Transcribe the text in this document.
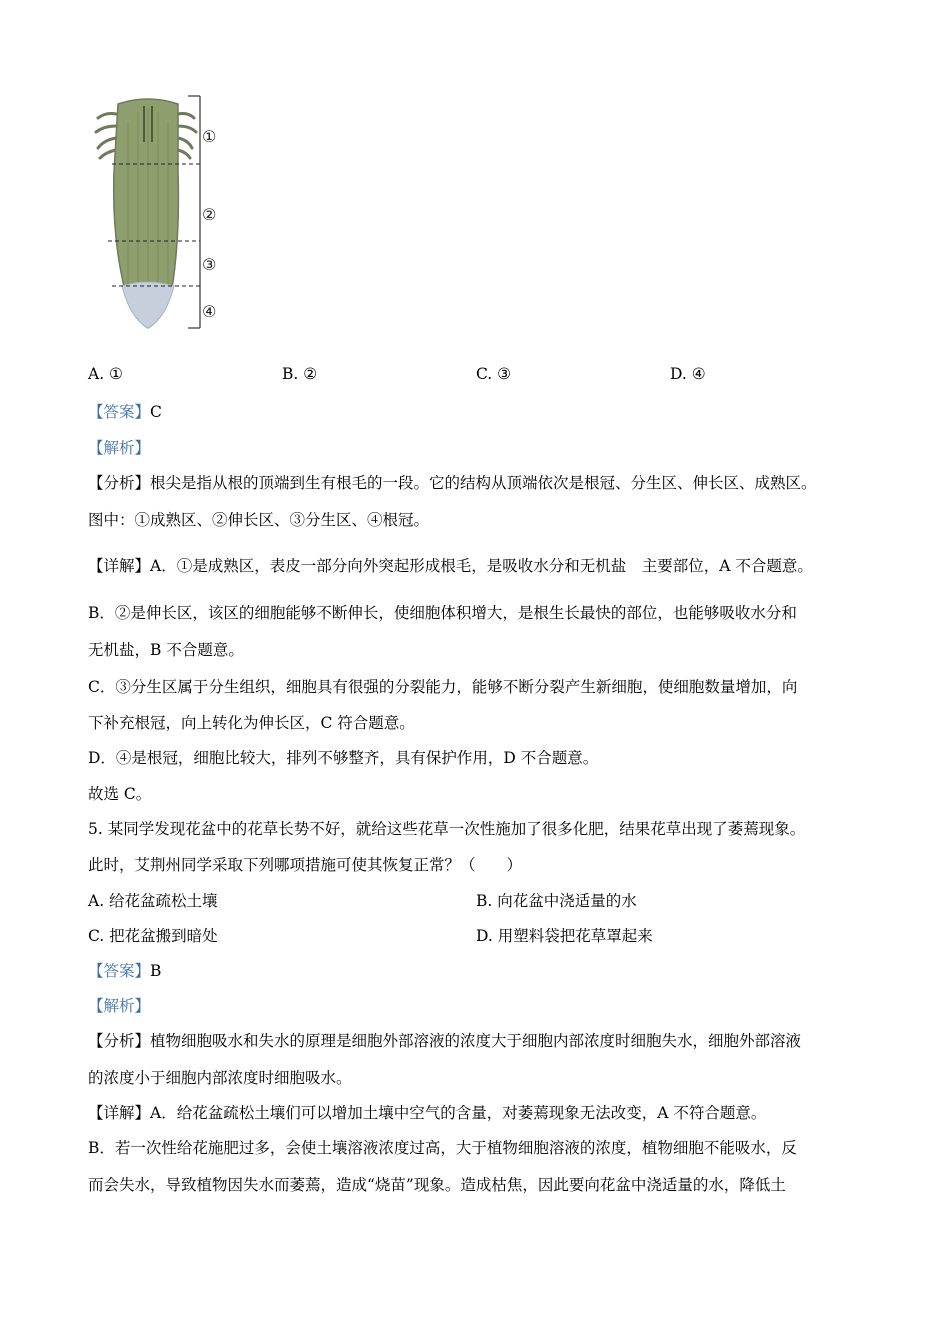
①
②
③
④
A. ①	B. ②	C. ③	D. ④
【答案】C
【解析】
【分析】根尖是指从根的顶端到生有根毛的一段。它的结构从顶端依次是根冠、分生区、伸长区、成熟区。
图中：①成熟区、②伸长区、③分生区、④根冠。
【详解】A．①是成熟区，表皮一部分向外突起形成根毛，是吸收水分和无机盐　主要部位，A 不合题意。
B．②是伸长区，该区的细胞能够不断伸长，使细胞体积增大，是根生长最快的部位，也能够吸收水分和
无机盐，B 不合题意。
C．③分生区属于分生组织，细胞具有很强的分裂能力，能够不断分裂产生新细胞，使细胞数量增加，向
下补充根冠，向上转化为伸长区，C 符合题意。
D．④是根冠，细胞比较大，排列不够整齐，具有保护作用，D 不合题意。
故选 C。
5. 某同学发现花盆中的花草长势不好，就给这些花草一次性施加了很多化肥，结果花草出现了萎蔫现象。
此时，艾荆州同学采取下列哪项措施可使其恢复正常？（　　）
A. 给花盆疏松土壤	B. 向花盆中浇适量的水
C. 把花盆搬到暗处	D. 用塑料袋把花草罩起来
【答案】B
【解析】
【分析】植物细胞吸水和失水的原理是细胞外部溶液的浓度大于细胞内部浓度时细胞失水，细胞外部溶液
的浓度小于细胞内部浓度时细胞吸水。
【详解】A．给花盆疏松土壤们可以增加土壤中空气的含量，对萎蔫现象无法改变，A 不符合题意。
B．若一次性给花施肥过多，会使土壤溶液浓度过高，大于植物细胞溶液的浓度，植物细胞不能吸水，反
而会失水，导致植物因失水而萎蔫，造成“烧苗”现象。造成枯焦，因此要向花盆中浇适量的水，降低土
